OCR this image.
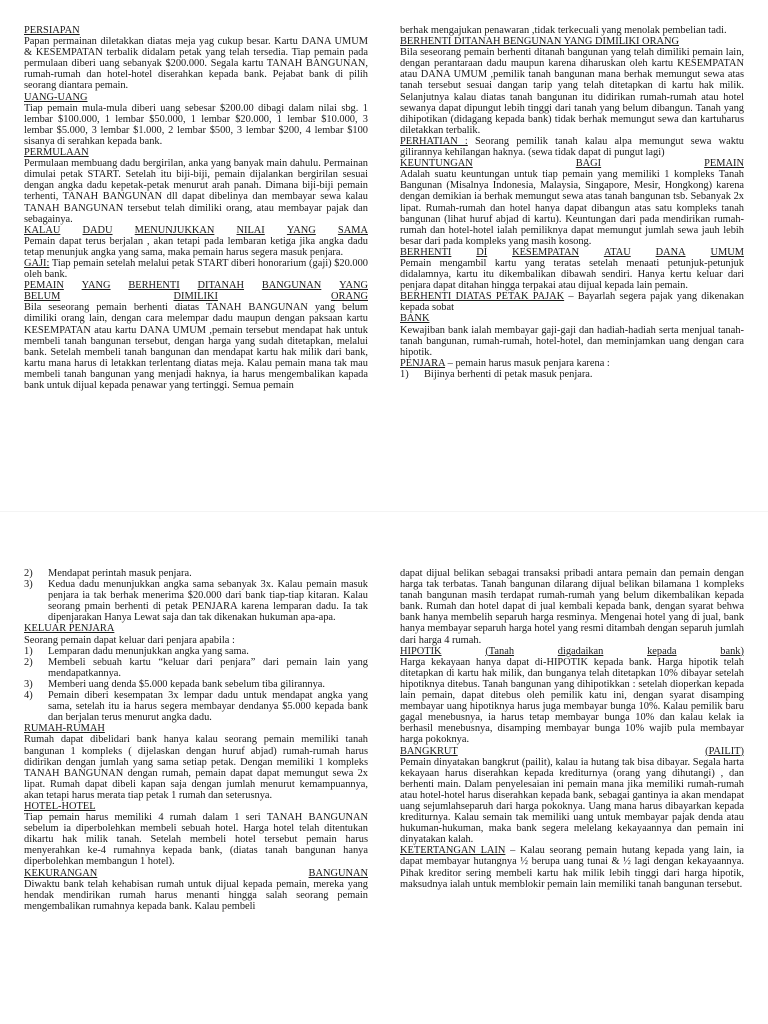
PERSIAPAN

Papan permainan diletakkan diatas meja yag cukup besar. Kartu DANA UMUM & KESEMPATAN terbalik didalam petak yang telah tersedia. Tiap pemain pada permulaan diberi uang sebanyak $200.000. Segala kartu TANAH BANGUNAN, rumah-rumah dan hotel-hotel diserahkan kepada bank. Pejabat bank di pilih seorang diantara pemain.

UANG-UANG

Tiap pemain mula-mula diberi uang sebesar $200.00 dibagi dalam nilai sbg. 1 lembar $100.000, 1 lembar $50.000, 1 lembar $20.000, 1 lembar $10.000, 3 lembar $5.000, 3 lembar $1.000, 2 lembar $500, 3 lembar $200, 4 lembar $100 sisanya di serahkan kepada bank.

PERMULAAN

Permulaan membuang dadu bergirilan, anka yang banyak main dahulu. Permainan dimulai petak START. Setelah itu biji-biji, pemain dijalankan bergirilan sesuai dengan angka dadu kepetak-petak menurut arah panah. Dimana biji-biji pemain terhenti, TANAH BANGUNAN dll dapat dibelinya dan membayar sewa kalau TANAH BANGUNAN tersebut telah dimiliki orang, atau membayar pajak dan sebagainya.

KALAU DADU MENUNJUKKAN NILAI YANG SAMA

Pemain dapat terus berjalan , akan tetapi pada lembaran ketiga jika angka dadu tetap menunjuk angka yang sama, maka pemain harus segera masuk penjara.

GAJI: Tiap pemain setelah melalui petak START diberi honorarium (gaji) $20.000 oleh bank.

PEMAIN YANG BERHENTI DITANAH BANGUNAN YANG
BELUM	DIMILIKI	ORANG

Bila seseorang pemain berhenti diatas TANAH BANGUNAN yang belum dimiliki orang lain, dengan cara melempar dadu maupun dengan paksaan kartu KESEMPATAN atau kartu DANA UMUM ,pemain tersebut mendapat hak untuk membeli tanah bangunan tersebut, dengan harga yang sudah ditetapkan, melalui bank. Setelah membeli tanah bangunan dan mendapat kartu hak milik dari bank, kartu mana harus di letakkan terlentang diatas meja. Kalau pemain mana tak mau membeli tanah bangunan yang menjadi haknya, ia harus mengembalikan kapada bank untuk dijual kepada penawar yang tertinggi. Semua pemain

berhak mengajukan penawaran ,tidak terkecuali yang menolak pembelian tadi.

BERHENTI DITANAH BENGUNAN YANG DIMILIKI ORANG

Bila seseorang pemain berhenti ditanah bangunan yang telah dimiliki pemain lain, dengan perantaraan dadu maupun karena diharuskan oleh kartu KESEMPATAN atau DANA UMUM ,pemilik tanah bangunan mana berhak memungut sewa atas tanah tersebut sesuai dangan tarip yang telah ditetapkan di kartu hak milik. Selanjutnya kalau diatas tanah bangunan itu didirikan rumah-rumah atau hotel sewanya dapat dipungut lebih tinggi dari tanah yang belum dibangun. Tanah yang dihipotikan (didagang kepada bank) tidak berhak memungut sewa dan kartuharus diletakkan terbalik.

PERHATIAN : Seorang pemilik tanah kalau alpa memungut sewa waktu gilirannya kehilangan haknya. (sewa tidak dapat di pungut lagi)

KEUNTUNGAN	BAGI	PEMAIN

Adalah suatu keuntungan untuk tiap pemain yang memiliki 1 kompleks Tanah Bangunan (Misalnya Indonesia, Malaysia, Singapore, Mesir, Hongkong) karena dengan demikian ia berhak memungut sewa atas tanah bangunan tsb. Sebanyak 2x lipat. Rumah-rumah dan hotel hanya dapat dibangun atas satu kompleks tanah bangunan (lihat huruf abjad di kartu). Keuntungan dari pada mendirikan rumah-rumah dan hotel-hotel ialah pemiliknya dapat memungut jumlah sewa jauh lebih besar dari pada kompleks yang masih kosong.

BERHENTI DI KESEMPATAN ATAU DANA UMUM

Pemain mengambil kartu yang teratas setelah menaati petunjuk-petunjuk didalamnya, kartu itu dikembalikan dibawah sendiri. Hanya kertu keluar dari penjara dapat ditahan hingga terpakai atau dijual kepada lain pemain.

BERHENTI DIATAS PETAK PAJAK – Bayarlah segera pajak yang dikenakan kepada sobat

BANK

Kewajiban bank ialah membayar gaji-gaji dan hadiah-hadiah serta menjual tanah-tanah bangunan, rumah-rumah, hotel-hotel, dan meminjamkan uang dengan cara hipotik.

PENJARA – pemain harus masuk penjara karena :

1)	Bijinya berhenti di petak masuk penjara.
2)	Mendapat perintah masuk penjara.
3)	Kedua dadu menunjukkan angka sama sebanyak 3x. Kalau pemain masuk penjara ia tak berhak menerima $20.000 dari bank tiap-tiap kitaran. Kalau seorang pmain berhenti di petak PENJARA karena lemparan dadu. Ia tak dipenjarakan Hanya Lewat saja dan tak dikenakan hukuman apa-apa.

KELUAR PENJARA

Seorang pemain dapat keluar dari penjara apabila :

1)	Lemparan dadu menunjukkan angka yang sama.
2)	Membeli sebuah kartu “keluar dari penjara” dari pemain lain yang mendapatkannya.
3)	Memberi uang denda $5.000 kepada bank sebelum tiba gilirannya.
4)	Pemain diberi kesempatan 3x lempar dadu untuk mendapat angka yang sama, setelah itu ia harus segera membayar dendanya $5.000 kepada bank dan berjalan terus menurut angka dadu.

RUMAH-RUMAH

Rumah dapat dibelidari bank hanya kalau seorang pemain memiliki tanah bangunan 1 kompleks ( dijelaskan dengan huruf abjad) rumah-rumah harus didirikan dengan jumlah yang sama setiap petak. Dengan memiliki 1 kompleks TANAH BANGUNAN dengan rumah, pemain dapat dapat memungut sewa 2x lipat. Rumah dapat dibeli kapan saja dengan jumlah menurut kemampuannya, akan tetapi harus merata tiap petak 1 rumah dan seterusnya.

HOTEL-HOTEL

Tiap pemain harus memiliki 4 rumah dalam 1 seri TANAH BANGUNAN sebelum ia diperbolehkan membeli sebuah hotel. Harga hotel telah ditentukan dikartu hak milik tanah. Setelah membeli hotel tersebut pemain harus menyerahkan ke-4 rumahnya kepada bank, (diatas tanah bangunan hanya diperbolehkan membangun 1 hotel).

KEKURANGAN	BANGUNAN

Diwaktu bank telah kehabisan rumah untuk dijual kepada pemain, mereka yang hendak mendirikan rumah harus menanti hingga salah seorang pemain mengembalikan rumahnya kepada bank. Kalau pembeli

dapat dijual belikan sebagai transaksi pribadi antara pemain dan pemain dengan harga tak terbatas. Tanah bangunan dilarang dijual belikan bilamana 1 kompleks tanah bangunan masih terdapat rumah-rumah yang belum dikembalikan kepada bank. Rumah dan hotel dapat di jual kembali kepada bank, dengan syarat behwa bank hanya membelih separuh harga resminya. Mengenai hotel yang di jual, bank hanya membayar separuh harga hotel yang resmi ditambah dengan separuh jumlah dari harga 4 rumah.

HIPOTIK	(Tanah	digadaikan	kepada	bank)

Harga kekayaan hanya dapat di-HIPOTIK kepada bank. Harga hipotik telah ditetapkan di kartu hak milik, dan bunganya telah ditetapkan 10% dibayar setelah hipotiknya ditebus. Tanah bangunan yang dihipotikkan : setelah dioperkan kepada lain pemain, dapat ditebus oleh pemilik katu ini, dengan syarat disamping membayar uang hipotiknya harus juga membayar bunga 10%. Kalau pemilik baru gagal menebusnya, ia harus tetap membayar bunga 10% dan kalau kelak ia berhasil menebusnya, disamping membayar bunga 10% wajib pula membayar harga pokoknya.

BANGKRUT	(PAILIT)

Pemain dinyatakan bangkrut (pailit), kalau ia hutang tak bisa dibayar. Segala harta kekayaan harus diserahkan kepada krediturnya (orang yang dihutangi) , dan berhenti main. Dalam penyelesaian ini pemain mana jika memiliki rumah-rumah atau hotel-hotel harus diserahkan kepada bank, sebagai gantinya ia akan mendapat uang sejumlahseparuh dari harga pokoknya. Uang mana harus dibayarkan kepada krediturnya. Kalau semain tak memiliki uang untuk membayar pajak denda atau hukuman-hukuman, maka bank segera melelang kekayaannya dan pemain ini dinyatakan kalah.

KETERTANGAN LAIN – Kalau seorang pemain hutang kepada yang lain, ia dapat membayar hutangnya ½ berupa uang tunai & ½ lagi dengan kekayaannya. Pihak kreditor sering membeli kartu hak milik lebih tinggi dari harga hipotik, maksudnya ialah untuk memblokir pemain lain memiliki tanah bangunan tersebut.
